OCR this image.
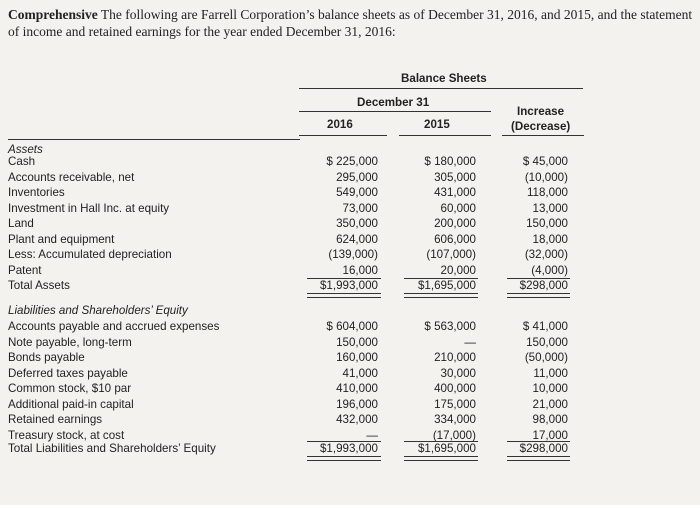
Comprehensive The following are Farrell Corporation’s balance sheets as of December 31, 2016, and 2015, and the statement of income and retained earnings for the year ended December 31, 2016:
Balance Sheets
December 31
2016	2015
Increase
(Decrease)
Assets
Cash	$ 225,000	$ 180,000	$ 45,000
Accounts receivable, net	295,000	305,000	(10,000)
Inventories	549,000	431,000	118,000
Investment in Hall Inc. at equity	73,000	60,000	13,000
Land	350,000	200,000	150,000
Plant and equipment	624,000	606,000	18,000
Less: Accumulated depreciation	(139,000)	(107,000)	(32,000)
Patent	16,000	20,000	(4,000)
Total Assets	$1,993,000	$1,695,000	$298,000
Liabilities and Shareholders’ Equity
Accounts payable and accrued expenses	$ 604,000	$ 563,000	$ 41,000
Note payable, long-term	150,000	—	150,000
Bonds payable	160,000	210,000	(50,000)
Deferred taxes payable	41,000	30,000	11,000
Common stock, $10 par	410,000	400,000	10,000
Additional paid-in capital	196,000	175,000	21,000
Retained earnings	432,000	334,000	98,000
Treasury stock, at cost	—	(17,000)	17,000
Total Liabilities and Shareholders’ Equity	$1,993,000	$1,695,000	$298,000
